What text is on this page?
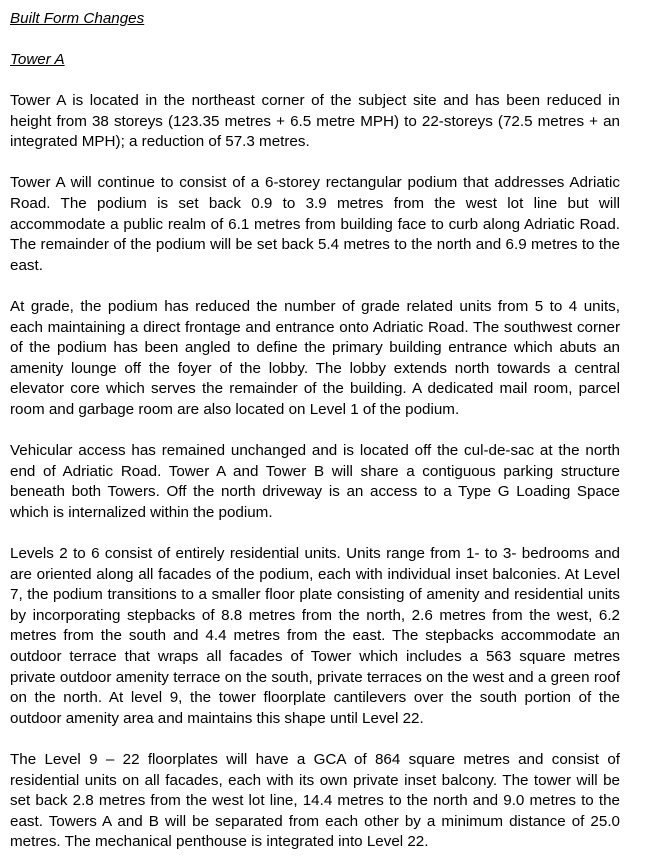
Built Form Changes

Tower A

Tower A is located in the northeast corner of the subject site and has been reduced in height from 38 storeys (123.35 metres + 6.5 metre MPH) to 22-storeys (72.5 metres + an integrated MPH); a reduction of 57.3 metres.

Tower A will continue to consist of a 6-storey rectangular podium that addresses Adriatic Road. The podium is set back 0.9 to 3.9 metres from the west lot line but will accommodate a public realm of 6.1 metres from building face to curb along Adriatic Road. The remainder of the podium will be set back 5.4 metres to the north and 6.9 metres to the east.

At grade, the podium has reduced the number of grade related units from 5 to 4 units, each maintaining a direct frontage and entrance onto Adriatic Road. The southwest corner of the podium has been angled to define the primary building entrance which abuts an amenity lounge off the foyer of the lobby. The lobby extends north towards a central elevator core which serves the remainder of the building. A dedicated mail room, parcel room and garbage room are also located on Level 1 of the podium.

Vehicular access has remained unchanged and is located off the cul-de-sac at the north end of Adriatic Road. Tower A and Tower B will share a contiguous parking structure beneath both Towers. Off the north driveway is an access to a Type G Loading Space which is internalized within the podium.

Levels 2 to 6 consist of entirely residential units. Units range from 1- to 3- bedrooms and are oriented along all facades of the podium, each with individual inset balconies. At Level 7, the podium transitions to a smaller floor plate consisting of amenity and residential units by incorporating stepbacks of 8.8 metres from the north, 2.6 metres from the west, 6.2 metres from the south and 4.4 metres from the east. The stepbacks accommodate an outdoor terrace that wraps all facades of Tower which includes a 563 square metres private outdoor amenity terrace on the south, private terraces on the west and a green roof on the north. At level 9, the tower floorplate cantilevers over the south portion of the outdoor amenity area and maintains this shape until Level 22.

The Level 9 – 22 floorplates will have a GCA of 864 square metres and consist of residential units on all facades, each with its own private inset balcony. The tower will be set back 2.8 metres from the west lot line, 14.4 metres to the north and 9.0 metres to the east. Towers A and B will be separated from each other by a minimum distance of 25.0 metres. The mechanical penthouse is integrated into Level 22.
